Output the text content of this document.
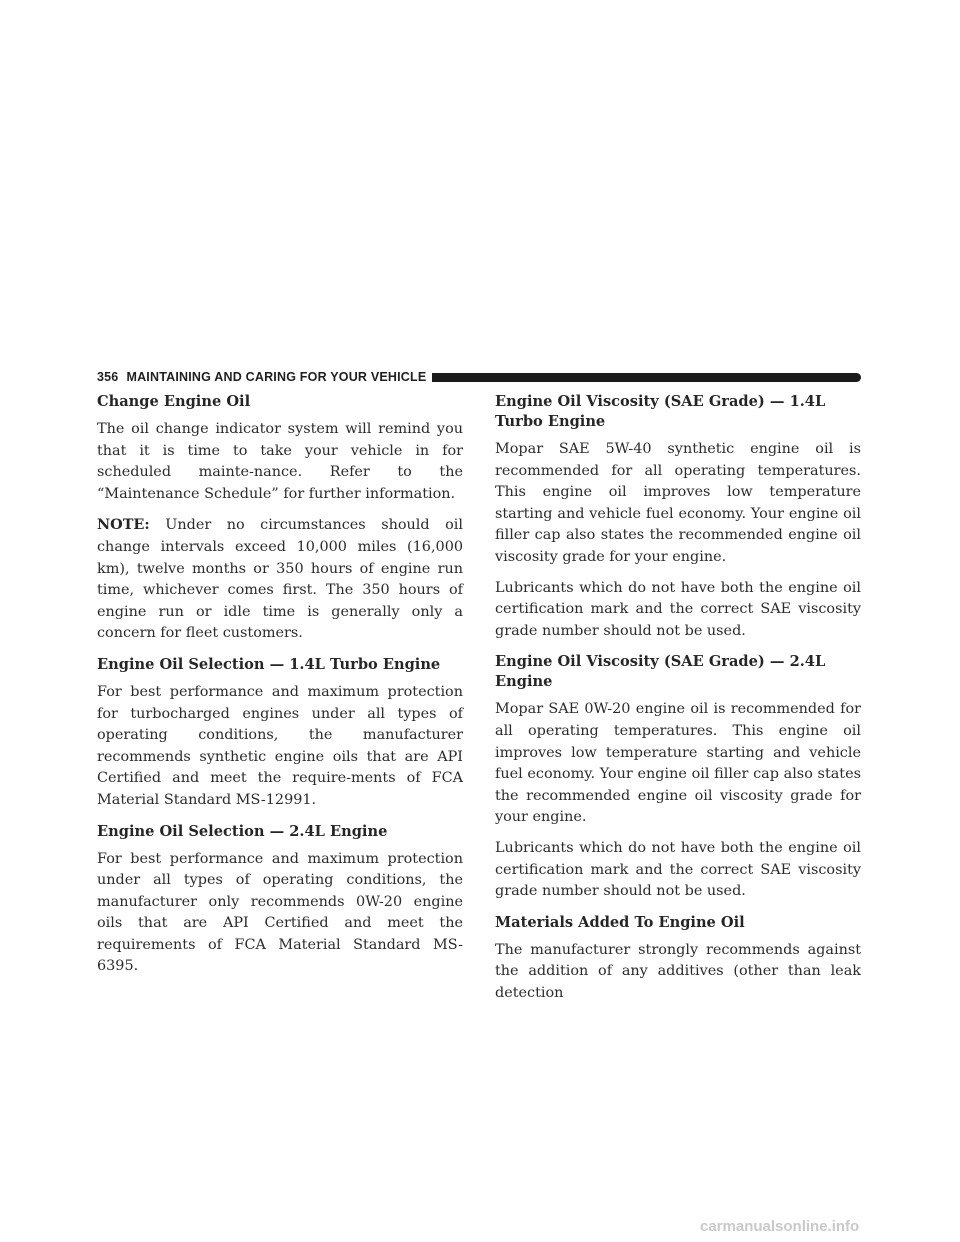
356 MAINTAINING AND CARING FOR YOUR VEHICLE
Change Engine Oil

The oil change indicator system will remind you that it is time to take your vehicle in for scheduled mainte-nance. Refer to the “Maintenance Schedule” for further information.

NOTE: Under no circumstances should oil change intervals exceed 10,000 miles (16,000 km), twelve months or 350 hours of engine run time, whichever comes first. The 350 hours of engine run or idle time is generally only a concern for fleet customers.

Engine Oil Selection — 1.4L Turbo Engine

For best performance and maximum protection for turbocharged engines under all types of operating conditions, the manufacturer recommends synthetic engine oils that are API Certified and meet the require-ments of FCA Material Standard MS-12991.

Engine Oil Selection — 2.4L Engine

For best performance and maximum protection under all types of operating conditions, the manufacturer only recommends 0W-20 engine oils that are API Certified and meet the requirements of FCA Material Standard MS-6395.

Engine Oil Viscosity (SAE Grade) — 1.4L Turbo Engine

Mopar SAE 5W-40 synthetic engine oil is recommended for all operating temperatures. This engine oil improves low temperature starting and vehicle fuel economy. Your engine oil filler cap also states the recommended engine oil viscosity grade for your engine.

Lubricants which do not have both the engine oil certification mark and the correct SAE viscosity grade number should not be used.

Engine Oil Viscosity (SAE Grade) — 2.4L Engine

Mopar SAE 0W-20 engine oil is recommended for all operating temperatures. This engine oil improves low temperature starting and vehicle fuel economy. Your engine oil filler cap also states the recommended engine oil viscosity grade for your engine.

Lubricants which do not have both the engine oil certification mark and the correct SAE viscosity grade number should not be used.

Materials Added To Engine Oil

The manufacturer strongly recommends against the addition of any additives (other than leak detection

carmanualsonline.info
